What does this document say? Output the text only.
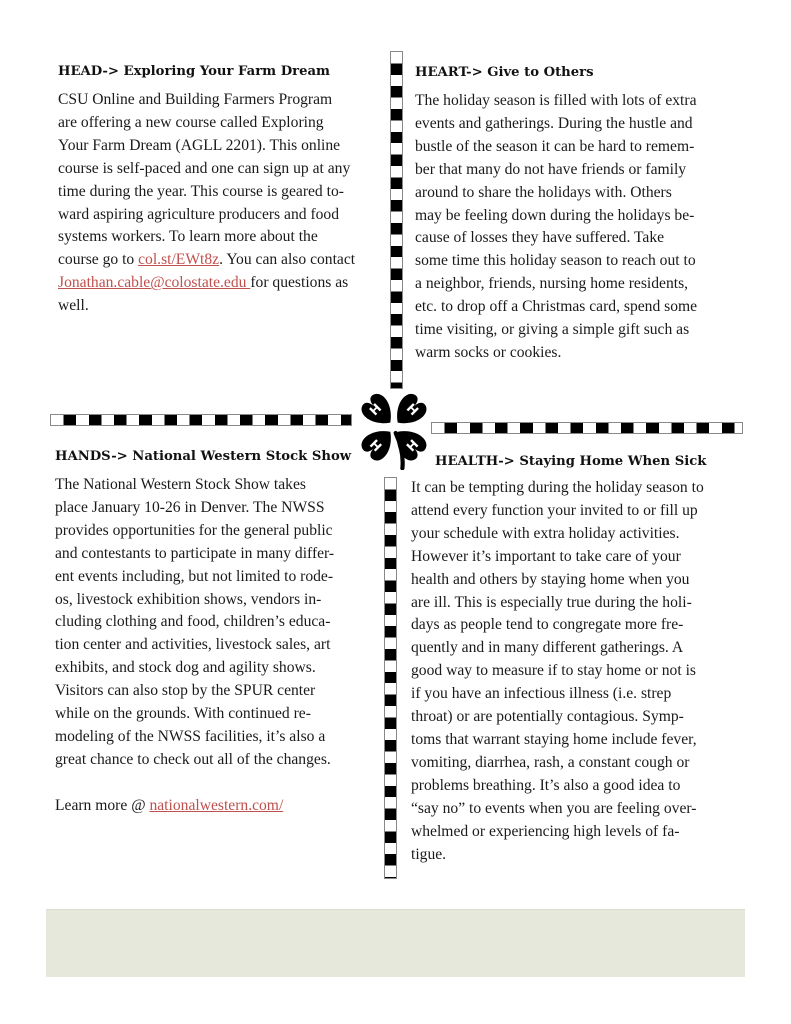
HEAD-> Exploring Your Farm Dream

CSU Online and Building Farmers Program
are offering a new course called Exploring
Your Farm Dream (AGLL 2201). This online
course is self-paced and one can sign up at any
time during the year. This course is geared to-
ward aspiring agriculture producers and food
systems workers. To learn more about the
course go to col.st/EWt8z. You can also contact
Jonathan.cable@colostate.edu for questions as
well.

HEART-> Give to Others

The holiday season is filled with lots of extra
events and gatherings. During the hustle and
bustle of the season it can be hard to remem-
ber that many do not have friends or family
around to share the holidays with. Others
may be feeling down during the holidays be-
cause of losses they have suffered. Take
some time this holiday season to reach out to
a neighbor, friends, nursing home residents,
etc. to drop off a Christmas card, spend some
time visiting, or giving a simple gift such as
warm socks or cookies.

HANDS-> National Western Stock Show

The National Western Stock Show takes
place January 10-26 in Denver. The NWSS
provides opportunities for the general public
and contestants to participate in many differ-
ent events including, but not limited to rode-
os, livestock exhibition shows, vendors in-
cluding clothing and food, children’s educa-
tion center and activities, livestock sales, art
exhibits, and stock dog and agility shows.
Visitors can also stop by the SPUR center
while on the grounds. With continued re-
modeling of the NWSS facilities, it’s also a
great chance to check out all of the changes.
Learn more @ nationalwestern.com/

HEALTH-> Staying Home When Sick

It can be tempting during the holiday season to
attend every function your invited to or fill up
your schedule with extra holiday activities.
However it’s important to take care of your
health and others by staying home when you
are ill. This is especially true during the holi-
days as people tend to congregate more fre-
quently and in many different gatherings. A
good way to measure if to stay home or not is
if you have an infectious illness (i.e. strep
throat) or are potentially contagious. Symp-
toms that warrant staying home include fever,
vomiting, diarrhea, rash, a constant cough or
problems breathing. It’s also a good idea to
“say no” to events when you are feeling over-
whelmed or experiencing high levels of fa-
tigue.

H H
H H
